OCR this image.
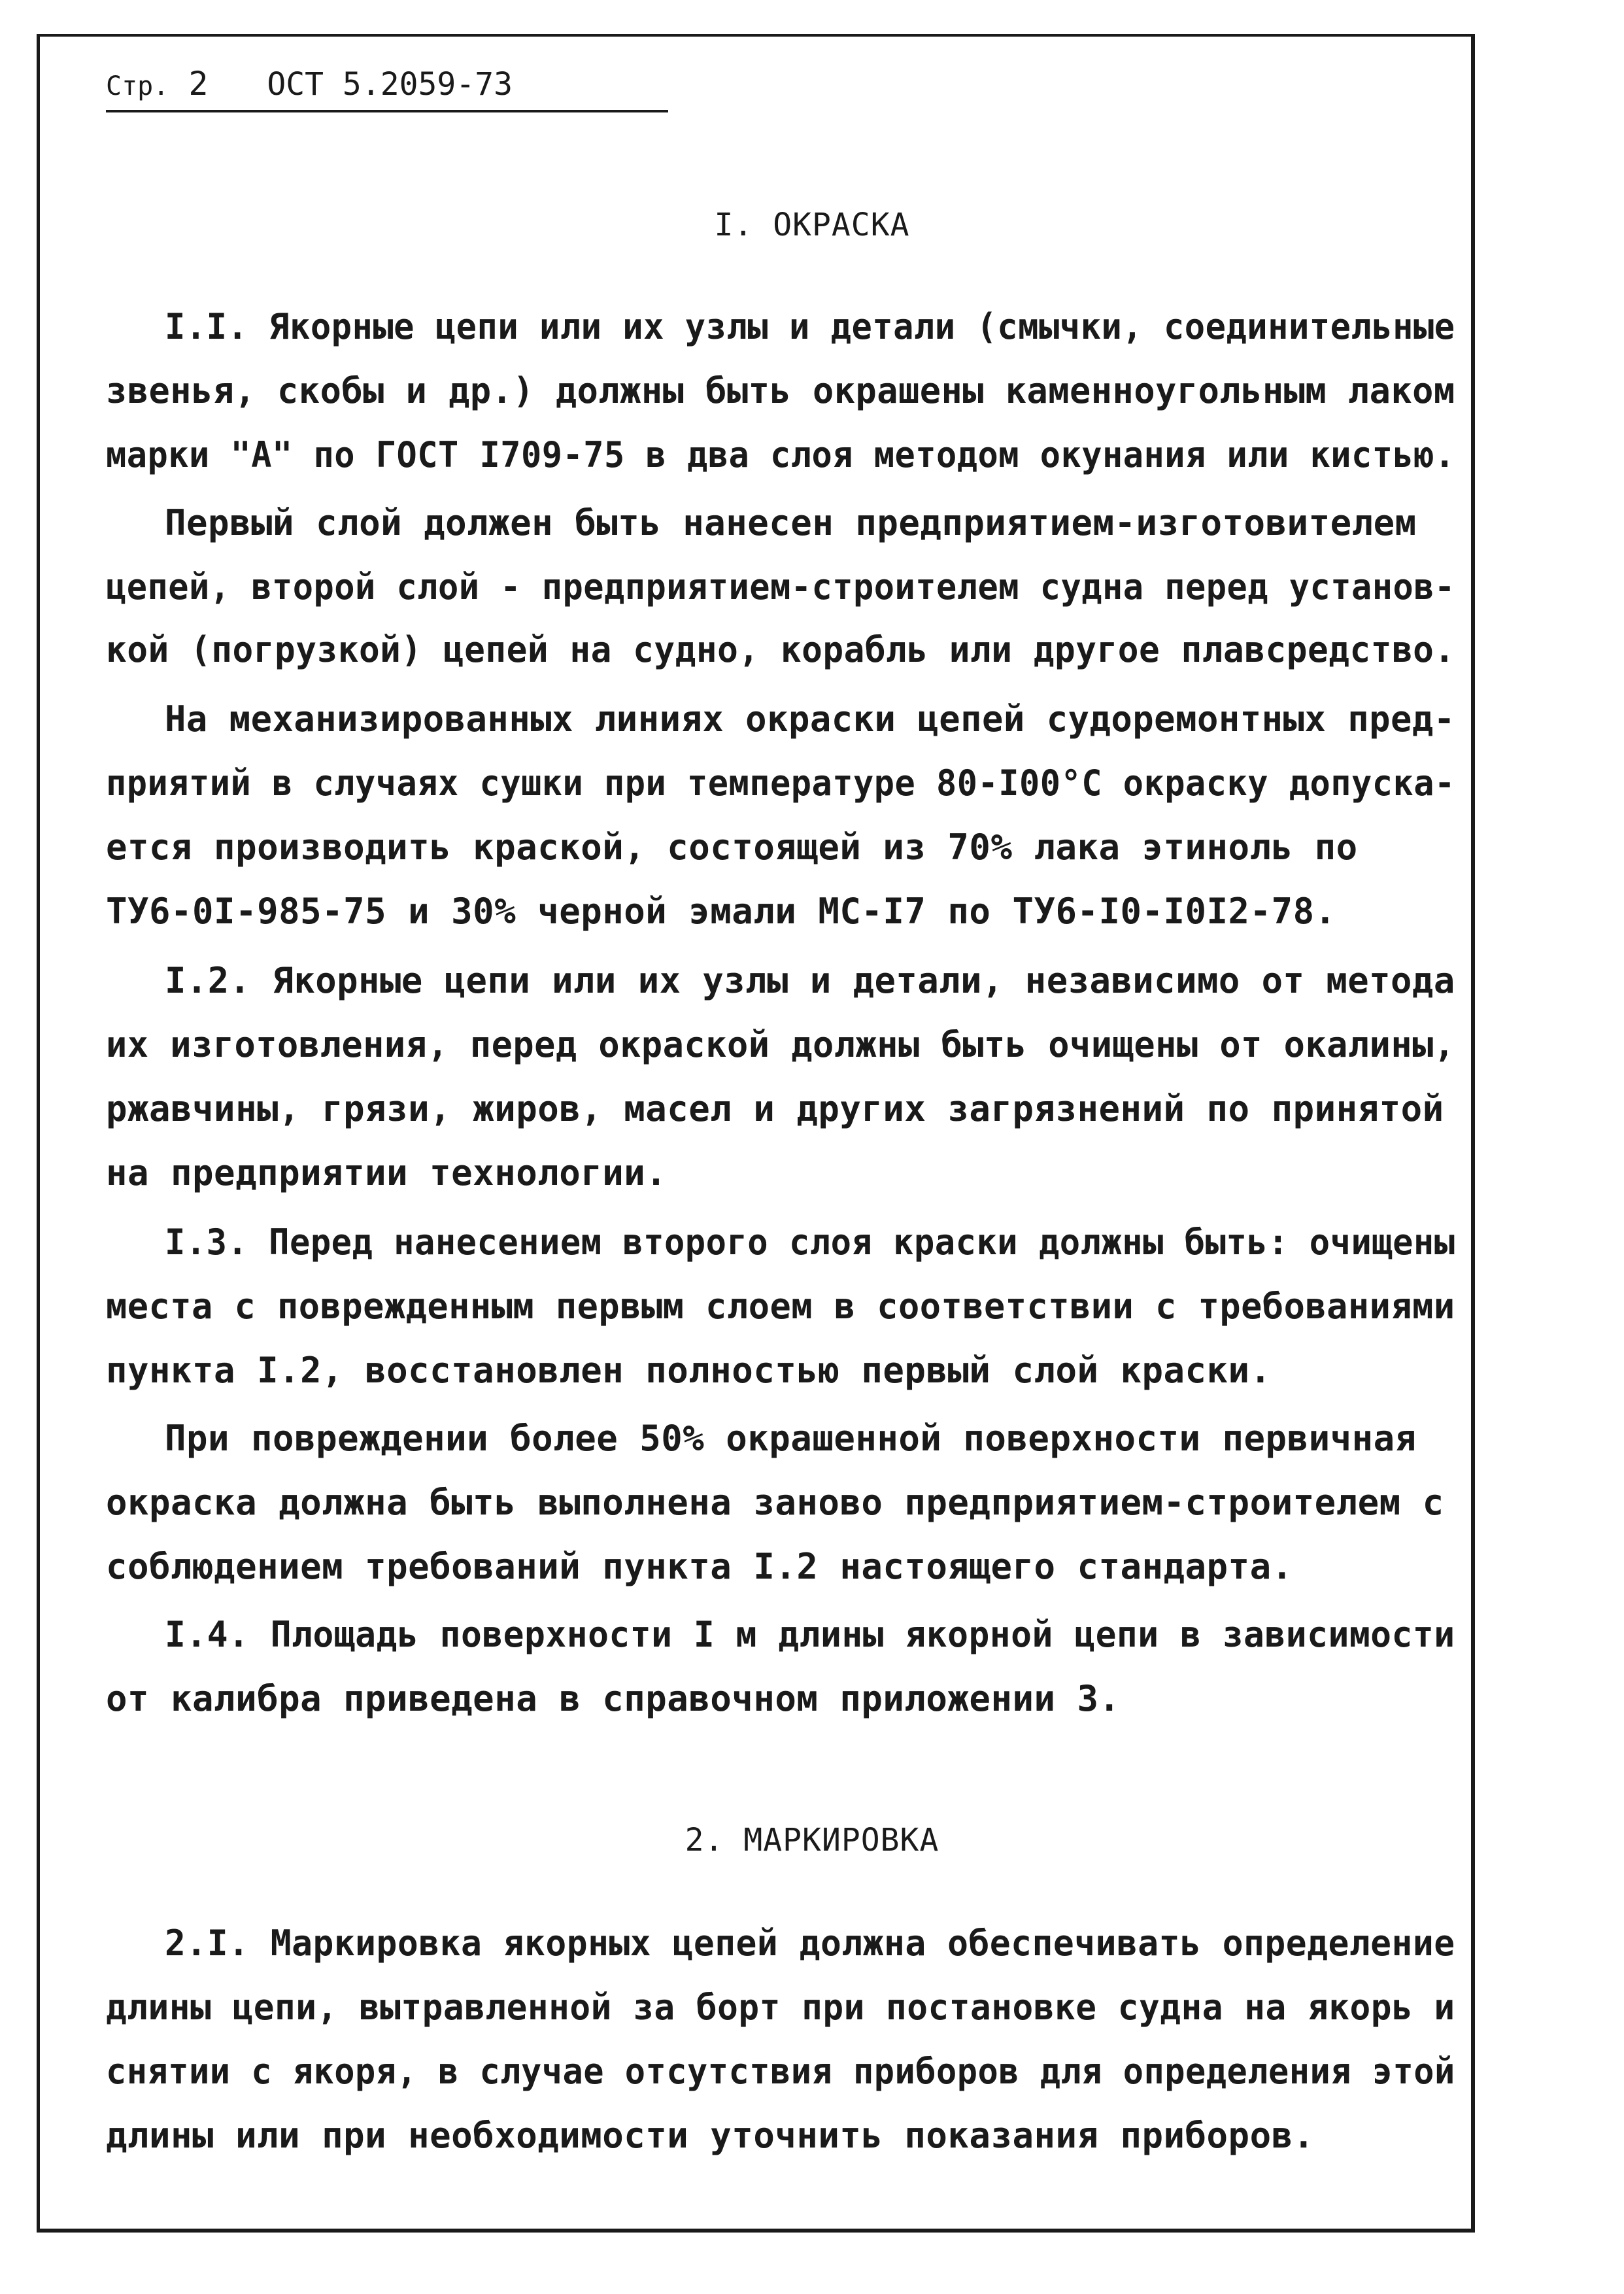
Стр. 2 ОСТ 5.2059-73
I. ОКРАСКА
I.I. Якорные цепи или их узлы и детали (смычки, соединительные
звенья, скобы и др.) должны быть окрашены каменноугольным лаком
марки "А" по ГОСТ I709-75 в два слоя методом окунания или кистью.
Первый слой должен быть нанесен предприятием-изготовителем
цепей, второй слой - предприятием-строителем судна перед установ-
кой (погрузкой) цепей на судно, корабль или другое плавсредство.
На механизированных линиях окраски цепей судоремонтных пред-
приятий в случаях сушки при температуре 80-I00°С окраску допуска-
ется производить краской, состоящей из 70% лака этиноль по
ТУ6-0I-985-75 и 30% черной эмали МС-I7 по ТУ6-I0-I0I2-78.
I.2. Якорные цепи или их узлы и детали, независимо от метода
их изготовления, перед окраской должны быть очищены от окалины,
ржавчины, грязи, жиров, масел и других загрязнений по принятой
на предприятии технологии.
I.3. Перед нанесением второго слоя краски должны быть: очищены
места с поврежденным первым слоем в соответствии с требованиями
пункта I.2, восстановлен полностью первый слой краски.
При повреждении более 50% окрашенной поверхности первичная
окраска должна быть выполнена заново предприятием-строителем с
соблюдением требований пункта I.2 настоящего стандарта.
I.4. Площадь поверхности I м длины якорной цепи в зависимости
от калибра приведена в справочном приложении 3.
2. МАРКИРОВКА
2.I. Маркировка якорных цепей должна обеспечивать определение
длины цепи, вытравленной за борт при постановке судна на якорь и
снятии с якоря, в случае отсутствия приборов для определения этой
длины или при необходимости уточнить показания приборов.
